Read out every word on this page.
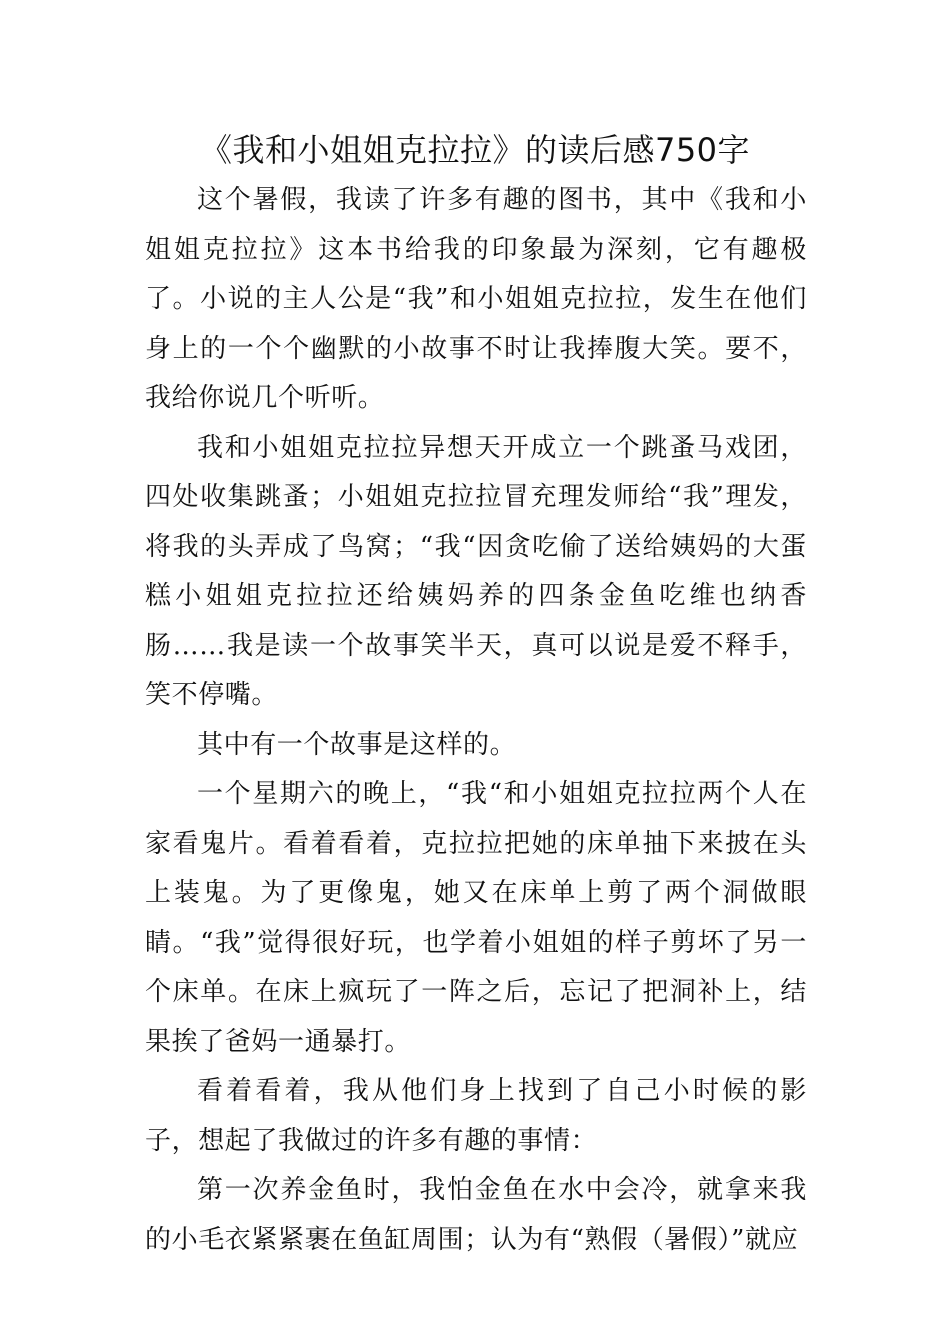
《我和小姐姐克拉拉》的读后感750字

这个暑假，我读了许多有趣的图书，其中《我和小姐姐克拉拉》这本书给我的印象最为深刻，它有趣极了。小说的主人公是“我”和小姐姐克拉拉，发生在他们身上的一个个幽默的小故事不时让我捧腹大笑。要不，我给你说几个听听。

我和小姐姐克拉拉异想天开成立一个跳蚤马戏团，四处收集跳蚤；小姐姐克拉拉冒充理发师给“我”理发，将我的头弄成了鸟窝；“我“因贪吃偷了送给姨妈的大蛋糕小姐姐克拉拉还给姨妈养的四条金鱼吃维也纳香肠……我是读一个故事笑半天，真可以说是爱不释手，笑不停嘴。

其中有一个故事是这样的。

一个星期六的晚上，“我“和小姐姐克拉拉两个人在家看鬼片。看着看着，克拉拉把她的床单抽下来披在头上装鬼。为了更像鬼，她又在床单上剪了两个洞做眼睛。“我”觉得很好玩，也学着小姐姐的样子剪坏了另一个床单。在床上疯玩了一阵之后，忘记了把洞补上，结果挨了爸妈一通暴打。

看着看着，我从他们身上找到了自己小时候的影子，想起了我做过的许多有趣的事情：

第一次养金鱼时，我怕金鱼在水中会冷，就拿来我的小毛衣紧紧裹在鱼缸周围；认为有“熟假（暑假）”就应
